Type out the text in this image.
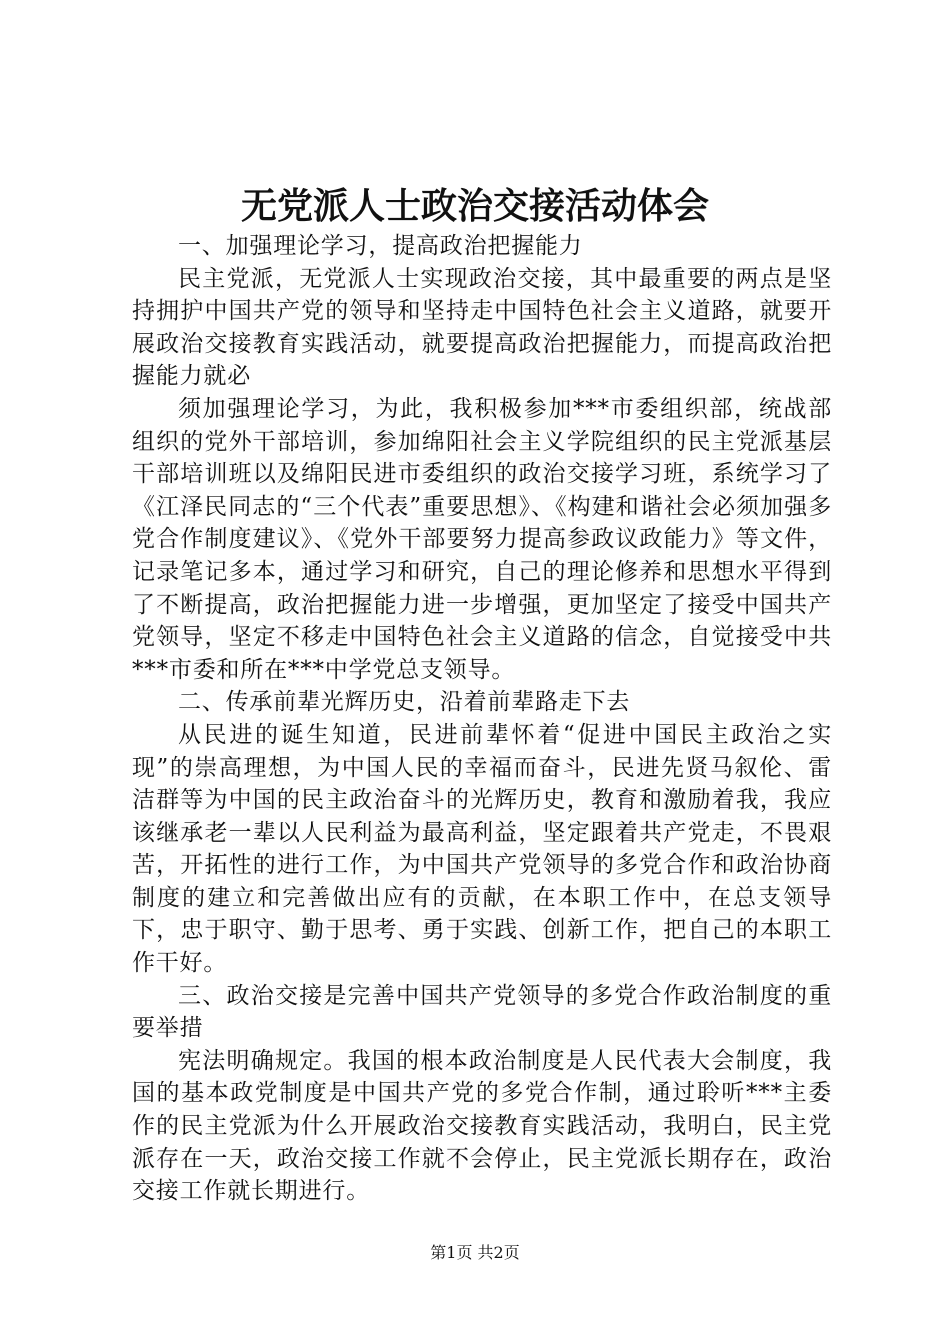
无党派人士政治交接活动体会

一、加强理论学习，提高政治把握能力

民主党派，无党派人士实现政治交接，其中最重要的两点是坚持拥护中国共产党的领导和坚持走中国特色社会主义道路，就要开展政治交接教育实践活动，就要提高政治把握能力，而提高政治把握能力就必

须加强理论学习，为此，我积极参加***市委组织部，统战部组织的党外干部培训，参加绵阳社会主义学院组织的民主党派基层干部培训班以及绵阳民进市委组织的政治交接学习班，系统学习了《江泽民同志的“三个代表”重要思想》、《构建和谐社会必须加强多党合作制度建议》、《党外干部要努力提高参政议政能力》等文件，记录笔记多本，通过学习和研究，自己的理论修养和思想水平得到了不断提高，政治把握能力进一步增强，更加坚定了接受中国共产党领导，坚定不移走中国特色社会主义道路的信念，自觉接受中共***市委和所在***中学党总支领导。

二、传承前辈光辉历史，沿着前辈路走下去

从民进的诞生知道，民进前辈怀着“促进中国民主政治之实现”的崇高理想，为中国人民的幸福而奋斗，民进先贤马叙伦、雷洁群等为中国的民主政治奋斗的光辉历史，教育和激励着我，我应该继承老一辈以人民利益为最高利益，坚定跟着共产党走，不畏艰苦，开拓性的进行工作，为中国共产党领导的多党合作和政治协商制度的建立和完善做出应有的贡献，在本职工作中，在总支领导下，忠于职守、勤于思考、勇于实践、创新工作，把自己的本职工作干好。

三、政治交接是完善中国共产党领导的多党合作政治制度的重要举措

宪法明确规定。我国的根本政治制度是人民代表大会制度，我国的基本政党制度是中国共产党的多党合作制，通过聆听***主委作的民主党派为什么开展政治交接教育实践活动，我明白，民主党派存在一天，政治交接工作就不会停止，民主党派长期存在，政治交接工作就长期进行。

第1页 共2页
